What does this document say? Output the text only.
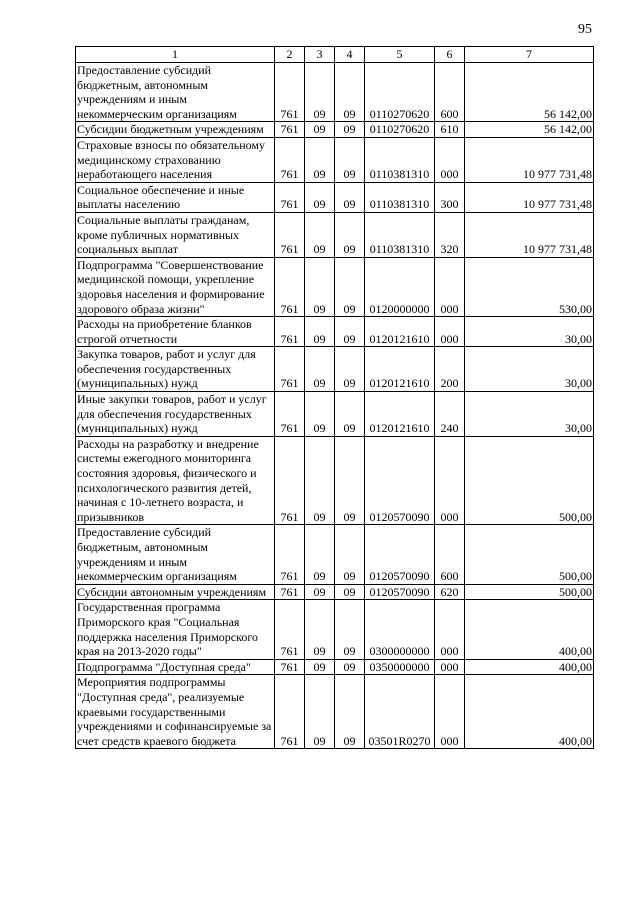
95
1	2	3	4	5	6	7
Предоставление субсидий бюджетным, автономным учреждениям и иным некоммерческим организациям	761	09	09	0110270620	600	56 142,00
Субсидии бюджетным учреждениям	761	09	09	0110270620	610	56 142,00
Страховые взносы по обязательному медицинскому страхованию неработающего населения	761	09	09	0110381310	000	10 977 731,48
Социальное обеспечение и иные выплаты населению	761	09	09	0110381310	300	10 977 731,48
Социальные выплаты гражданам, кроме публичных нормативных социальных выплат	761	09	09	0110381310	320	10 977 731,48
Подпрограмма "Совершенствование медицинской помощи, укрепление здоровья населения и формирование здорового образа жизни"	761	09	09	0120000000	000	530,00
Расходы на приобретение бланков строгой отчетности	761	09	09	0120121610	000	30,00
Закупка товаров, работ и услуг для обеспечения государственных (муниципальных) нужд	761	09	09	0120121610	200	30,00
Иные закупки товаров, работ и услуг для обеспечения государственных (муниципальных) нужд	761	09	09	0120121610	240	30,00
Расходы на разработку и внедрение системы ежегодного мониторинга состояния здоровья, физического и психологического развития детей, начиная с 10-летнего возраста, и призывников	761	09	09	0120570090	000	500,00
Предоставление субсидий бюджетным, автономным учреждениям и иным некоммерческим организациям	761	09	09	0120570090	600	500,00
Субсидии автономным учреждениям	761	09	09	0120570090	620	500,00
Государственная программа Приморского края "Социальная поддержка населения Приморского края на 2013-2020 годы"	761	09	09	0300000000	000	400,00
Подпрограмма "Доступная среда"	761	09	09	0350000000	000	400,00
Мероприятия подпрограммы "Доступная среда", реализуемые краевыми государственными учреждениями и софинансируемые за счет средств краевого бюджета	761	09	09	03501R0270	000	400,00
